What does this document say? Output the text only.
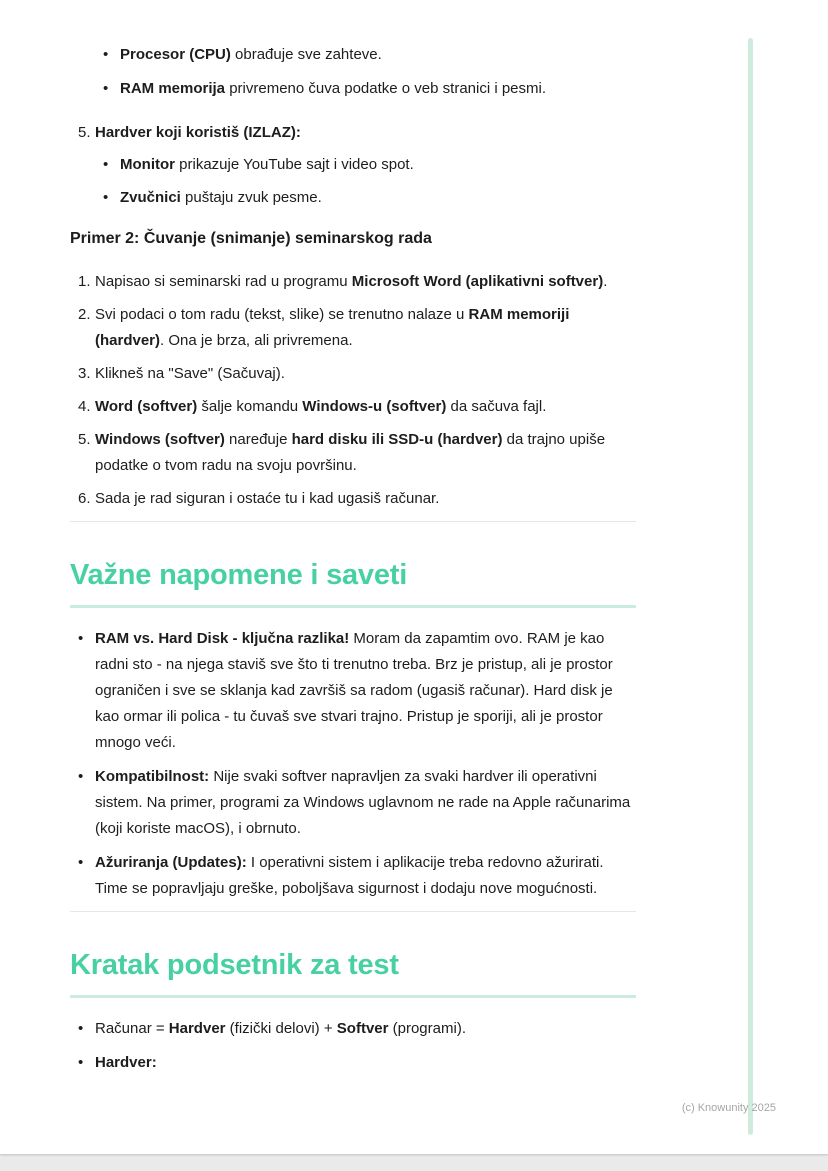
• Procesor (CPU) obrađuje sve zahteve.
• RAM memorija privremeno čuva podatke o veb stranici i pesmi.
5. Hardver koji koristiš (IZLAZ):
• Monitor prikazuje YouTube sajt i video spot.
• Zvučnici puštaju zvuk pesme.

Primer 2: Čuvanje (snimanje) seminarskog rada

1. Napisao si seminarski rad u programu Microsoft Word (aplikativni softver).
2. Svi podaci o tom radu (tekst, slike) se trenutno nalaze u RAM memoriji (hardver). Ona je brza, ali privremena.
3. Klikneš na "Save" (Sačuvaj).
4. Word (softver) šalje komandu Windows-u (softver) da sačuva fajl.
5. Windows (softver) naređuje hard disku ili SSD-u (hardver) da trajno upiše podatke o tvom radu na svoju površinu.
6. Sada je rad siguran i ostaće tu i kad ugasiš računar.
Važne napomene i saveti
• RAM vs. Hard Disk - ključna razlika! Moram da zapamtim ovo. RAM je kao radni sto - na njega staviš sve što ti trenutno treba. Brz je pristup, ali je prostor ograničen i sve se sklanja kad završiš sa radom (ugasiš računar). Hard disk je kao ormar ili polica - tu čuvaš sve stvari trajno. Pristup je sporiji, ali je prostor mnogo veći.
• Kompatibilnost: Nije svaki softver napravljen za svaki hardver ili operativni sistem. Na primer, programi za Windows uglavnom ne rade na Apple računarima (koji koriste macOS), i obrnuto.
• Ažuriranja (Updates): I operativni sistem i aplikacije treba redovno ažurirati. Time se popravljaju greške, poboljšava sigurnost i dodaju nove mogućnosti.
Kratak podsetnik za test
• Računar = Hardver (fizički delovi) + Softver (programi).
• Hardver:
(c) Knowunity 2025
